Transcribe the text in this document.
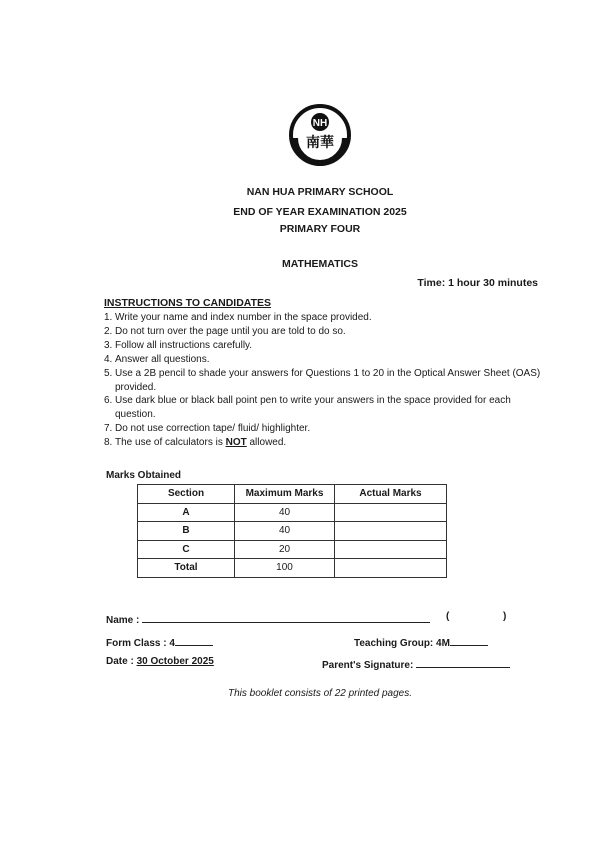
NH
南華
NAN HUA PRIMARY SCHOOL
END OF YEAR EXAMINATION 2025
PRIMARY FOUR
MATHEMATICS
Time: 1 hour 30 minutes
INSTRUCTIONS TO CANDIDATES
1. Write your name and index number in the space provided.
2. Do not turn over the page until you are told to do so.
3. Follow all instructions carefully.
4. Answer all questions.
5. Use a 2B pencil to shade your answers for Questions 1 to 20 in the Optical Answer Sheet (OAS) provided.
6. Use dark blue or black ball point pen to write your answers in the space provided for each question.
7. Do not use correction tape/ fluid/ highlighter.
8. The use of calculators is NOT allowed.
Marks Obtained
Section	Maximum Marks	Actual Marks
A	40	
B	40	
C	20	
Total	100	
Name :	(	)
Form Class : 4	Teaching Group: 4M
Date : 30 October 2025	Parent's Signature:
This booklet consists of 22 printed pages.
